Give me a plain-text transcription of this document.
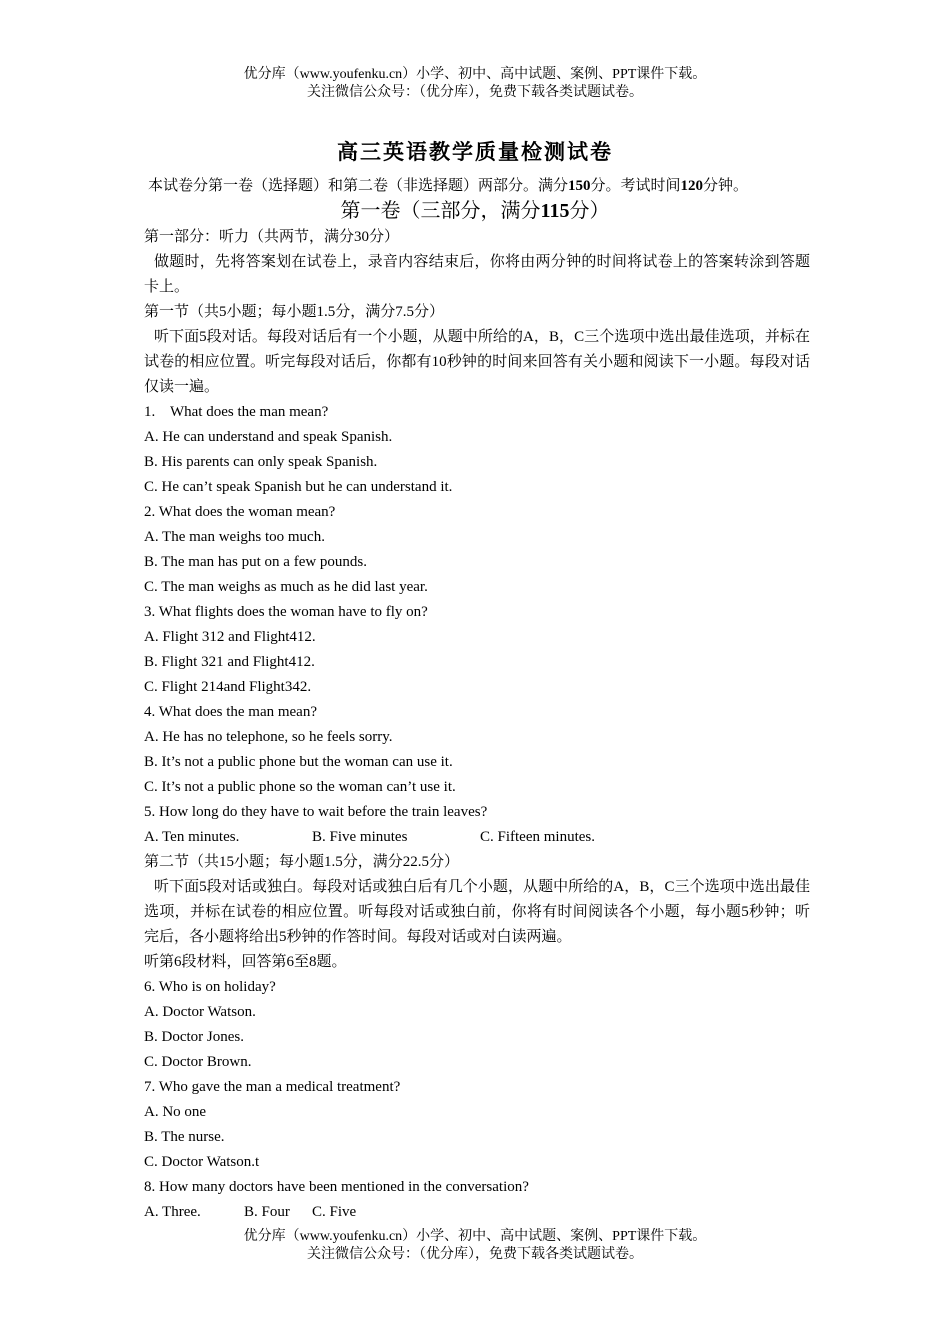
优分库（www.youfenku.cn）小学、初中、高中试题、案例、PPT课件下载。
关注微信公众号：（优分库），免费下载各类试题试卷。
高三英语教学质量检测试卷
本试卷分第一卷（选择题）和第二卷（非选择题）两部分。满分150分。考试时间120分钟。
第一卷（三部分，满分115分）
第一部分：听力（共两节，满分30分）
做题时，先将答案划在试卷上，录音内容结束后，你将由两分钟的时间将试卷上的答案转涂到答题卡上。
第一节（共5小题；每小题1.5分，满分7.5分）
听下面5段对话。每段对话后有一个小题，从题中所给的A，B，C三个选项中选出最佳选项，并标在试卷的相应位置。听完每段对话后，你都有10秒钟的时间来回答有关小题和阅读下一小题。每段对话仅读一遍。
1.    What does the man mean?
A. He can understand and speak Spanish.
B. His parents can only speak Spanish.
C. He can’t speak Spanish but he can understand it.
2. What does the woman mean?
A. The man weighs too much.
B. The man has put on a few pounds.
C. The man weighs as much as he did last year.
3. What flights does the woman have to fly on?
A. Flight 312 and Flight412.
B. Flight 321 and Flight412.
C. Flight 214and Flight342.
4. What does the man mean?
A. He has no telephone, so he feels sorry.
B. It’s not a public phone but the woman can use it.
C. It’s not a public phone so the woman can’t use it.
5. How long do they have to wait before the train leaves?
A. Ten minutes.	B. Five minutes	C. Fifteen minutes.
第二节（共15小题；每小题1.5分，满分22.5分）
听下面5段对话或独白。每段对话或独白后有几个小题，从题中所给的A，B，C三个选项中选出最佳选项，并标在试卷的相应位置。听每段对话或独白前，你将有时间阅读各个小题，每小题5秒钟；听完后，各小题将给出5秒钟的作答时间。每段对话或对白读两遍。
听第6段材料，回答第6至8题。
6. Who is on holiday?
A. Doctor Watson.
B. Doctor Jones.
C. Doctor Brown.
7. Who gave the man a medical treatment?
A. No one
B. The nurse.
C. Doctor Watson.t
8. How many doctors have been mentioned in the conversation?
A. Three.	B. Four C. Five
优分库（www.youfenku.cn）小学、初中、高中试题、案例、PPT课件下载。
关注微信公众号：（优分库），免费下载各类试题试卷。
